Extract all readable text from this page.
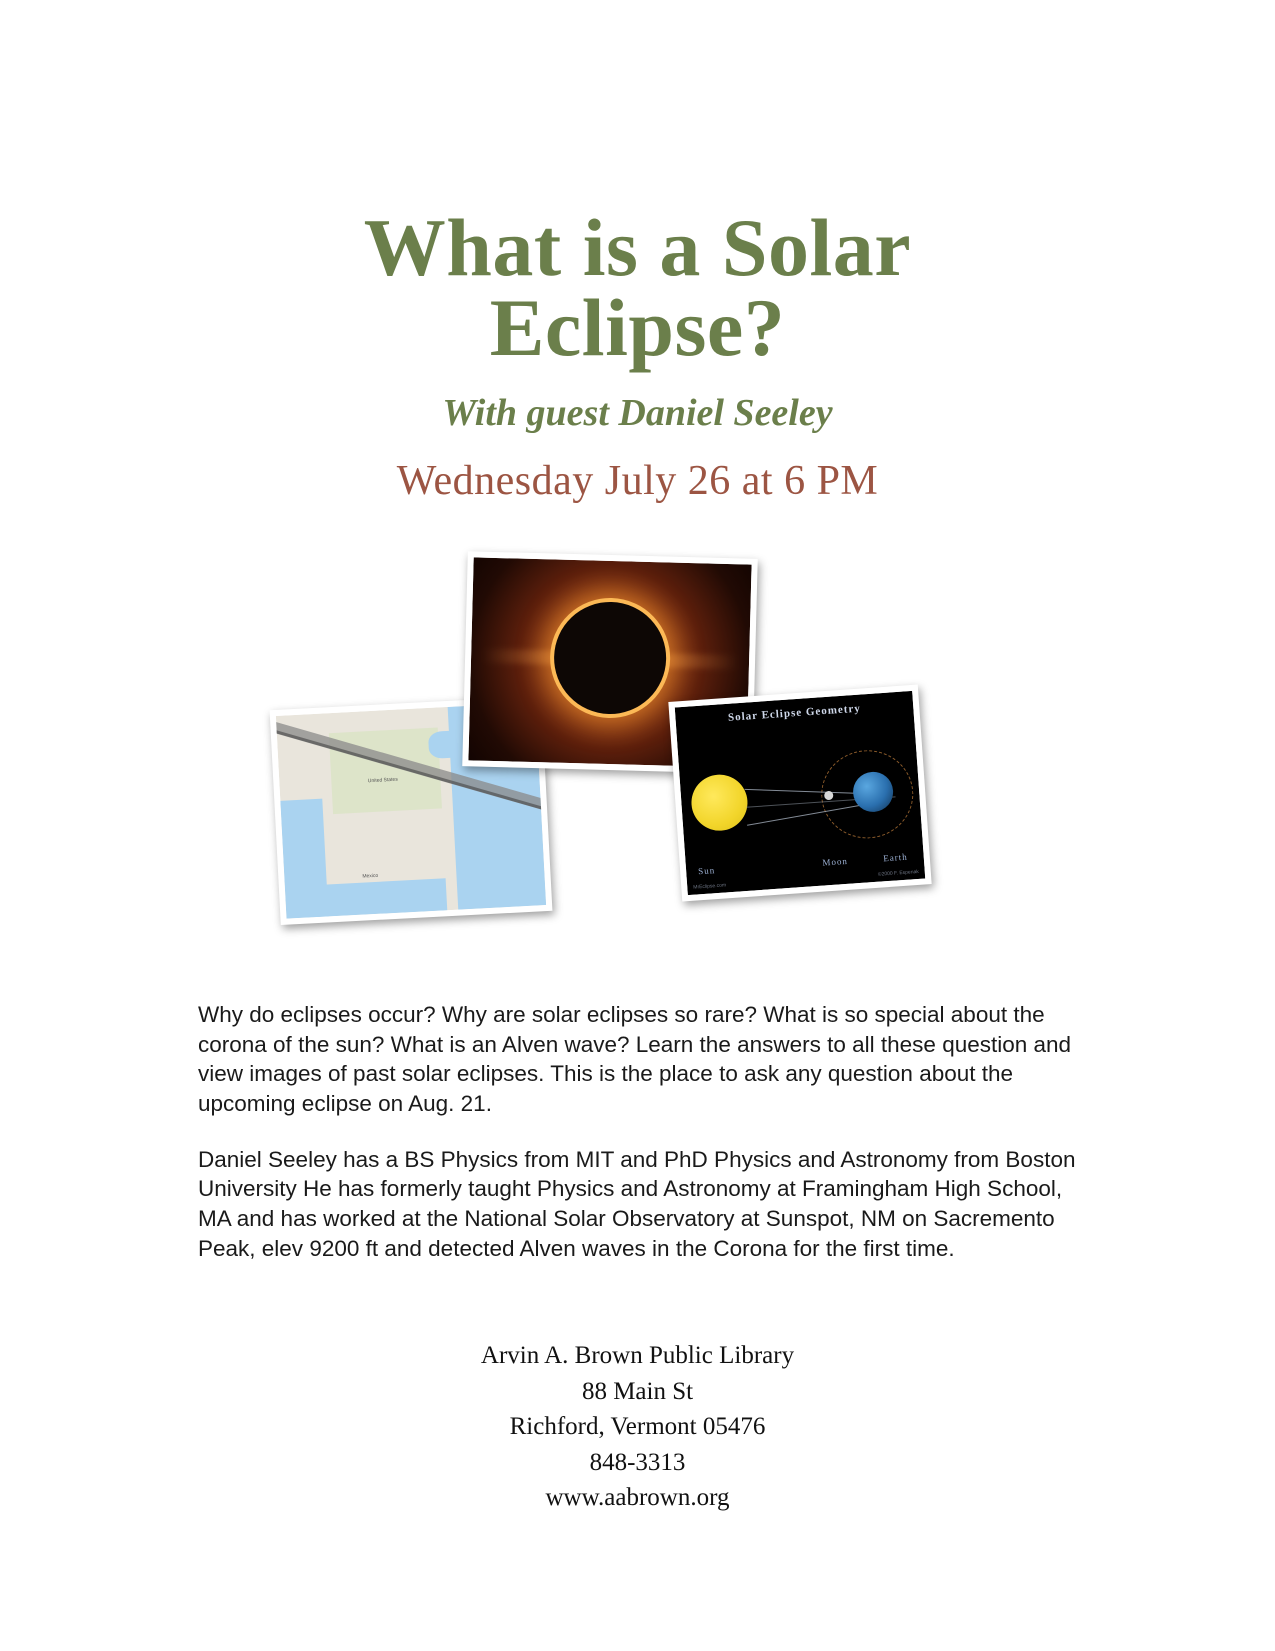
What is a Solar
Eclipse?
With guest Daniel Seeley
Wednesday July 26 at 6 PM
United States
Mexico
Solar Eclipse Geometry
Sun
Moon	Earth
MrEclipse.com
©2000 F. Espenak

Why do eclipses occur? Why are solar eclipses so rare? What is so special about the corona of the sun? What is an Alven wave? Learn the answers to all these question and view images of past solar eclipses. This is the place to ask any question about the upcoming eclipse on Aug. 21.

Daniel Seeley has a BS Physics from MIT and PhD Physics and Astronomy from Boston University He has formerly taught Physics and Astronomy at Framingham High School, MA and has worked at the National Solar Observatory at Sunspot, NM on Sacremento Peak, elev 9200 ft and detected Alven waves in the Corona for the first time.

Arvin A. Brown Public Library
88 Main St
Richford, Vermont 05476
848-3313
www.aabrown.org
